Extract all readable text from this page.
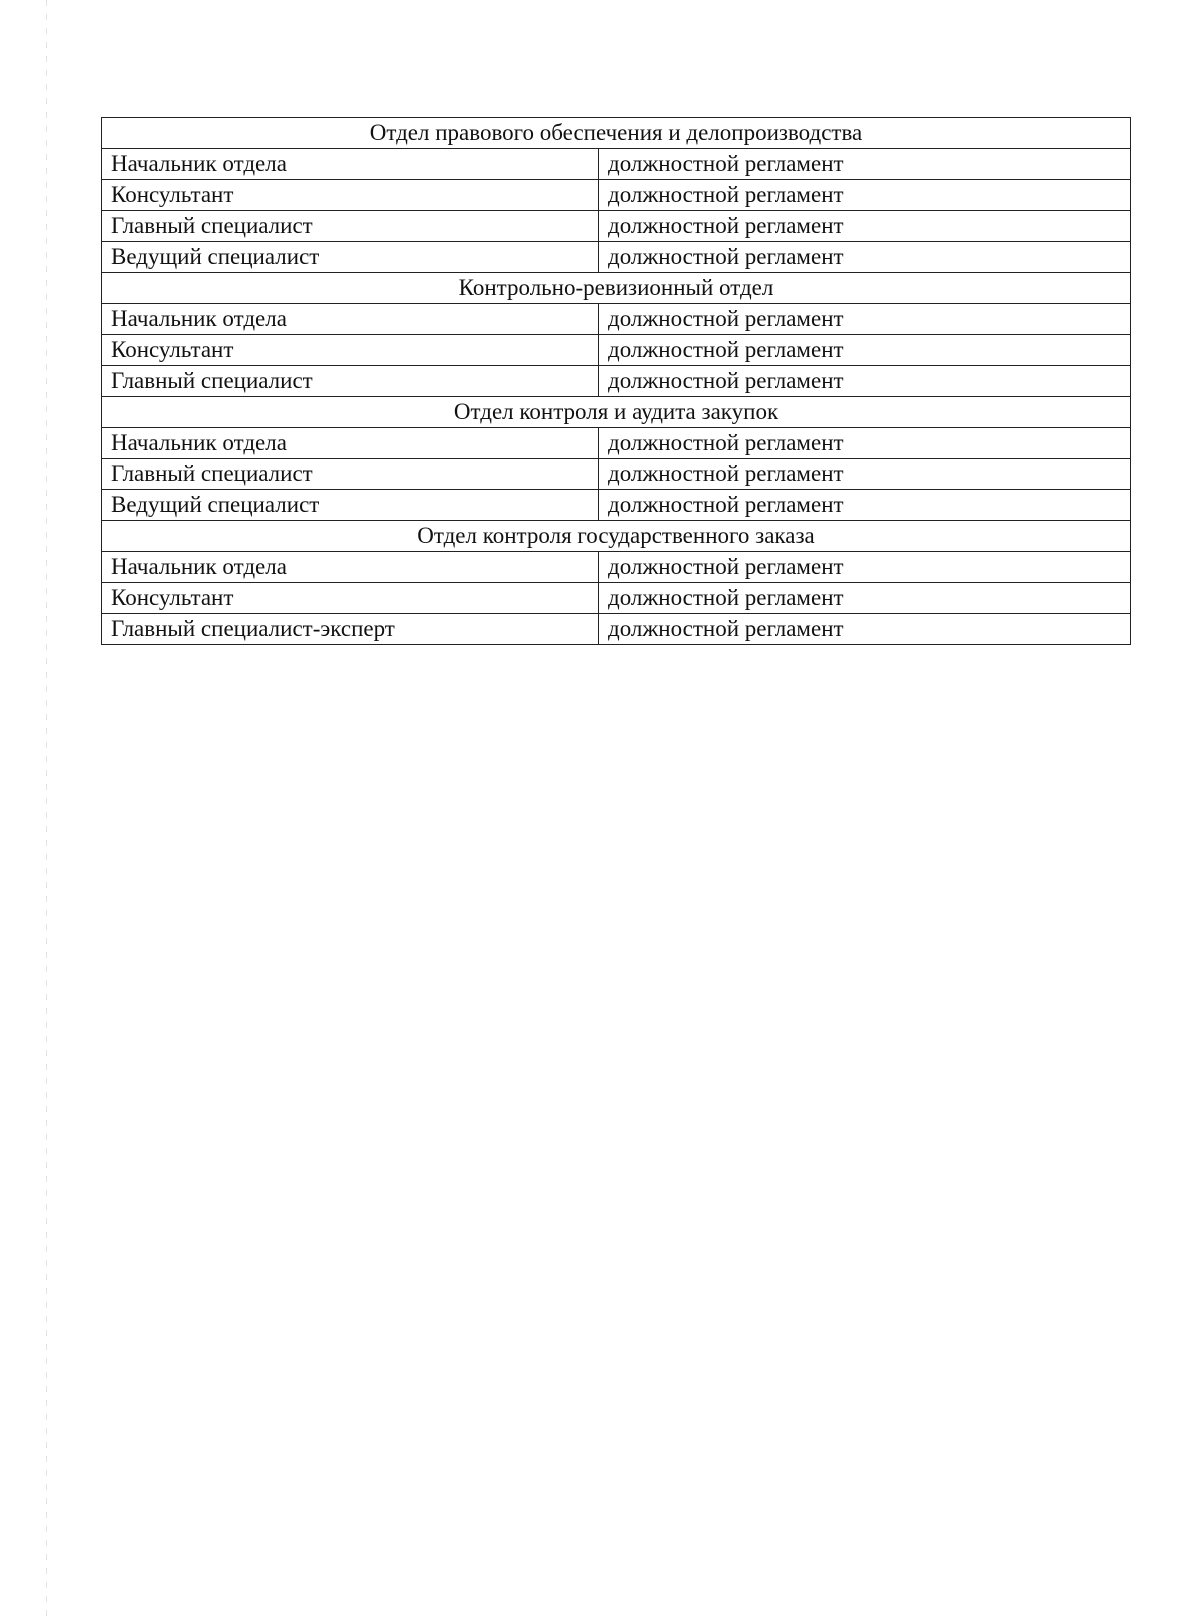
Отдел правового обеспечения и делопроизводства	
Начальник отдела	должностной регламент
Консультант	должностной регламент
Главный специалист	должностной регламент
Ведущий специалист	должностной регламент
Контрольно-ревизионный отдел	
Начальник отдела	должностной регламент
Консультант	должностной регламент
Главный специалист	должностной регламент
Отдел контроля и аудита закупок	
Начальник отдела	должностной регламент
Главный специалист	должностной регламент
Ведущий специалист	должностной регламент
Отдел контроля государственного заказа	
Начальник отдела	должностной регламент
Консультант	должностной регламент
Главный специалист-эксперт	должностной регламент
